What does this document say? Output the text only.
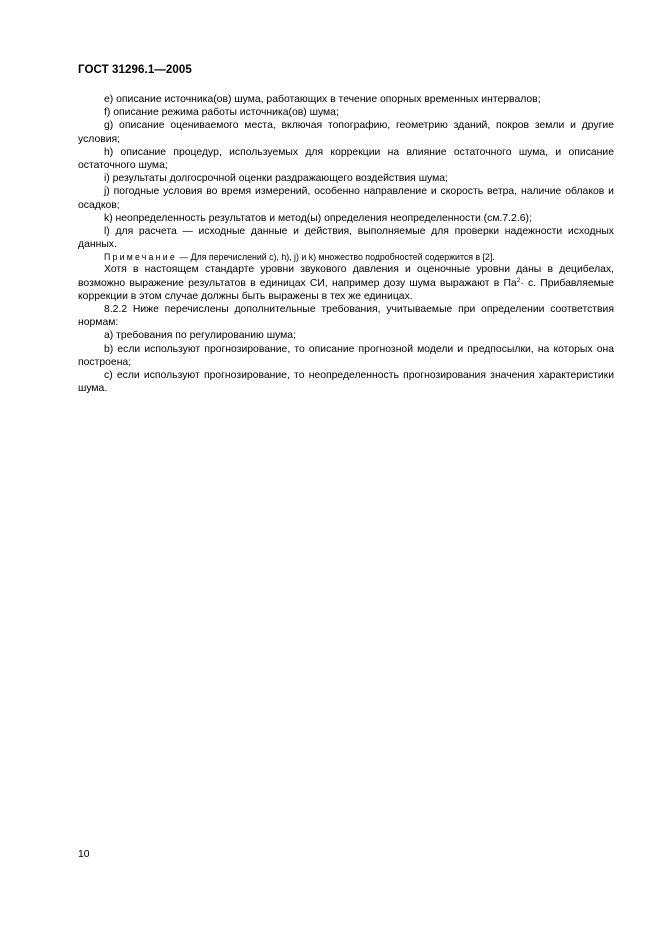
ГОСТ 31296.1—2005

e) описание источника(ов) шума, работающих в течение опорных временных интервалов;

f) описание режима работы источника(ов) шума;

g) описание оцениваемого места, включая топографию, геометрию зданий, покров земли и другие условия;

h) описание процедур, используемых для коррекции на влияние остаточного шума, и описание остаточного шума;

i) результаты долгосрочной оценки раздражающего воздействия шума;

j) погодные условия во время измерений, особенно направление и скорость ветра, наличие облаков и осадков;

k) неопределенность результатов и метод(ы) определения неопределенности (см.7.2.6);

l) для расчета — исходные данные и действия, выполняемые для проверки надежности исходных данных.

Примечание — Для перечислений с), h), j) и k) множество подробностей содержится в [2].

Хотя в настоящем стандарте уровни звукового давления и оценочные уровни даны в децибелах, возможно выражение результатов в единицах СИ, например дозу шума выражают в $Па^2\cdot с$. Прибавляемые коррекции в этом случае должны быть выражены в тех же единицах.

8.2.2 Ниже перечислены дополнительные требования, учитываемые при определении соответствия нормам:

а) требования по регулированию шума;

b) если используют прогнозирование, то описание прогнозной модели и предпосылки, на которых она построена;

с) если используют прогнозирование, то неопределенность прогнозирования значения характеристики шума.

10
